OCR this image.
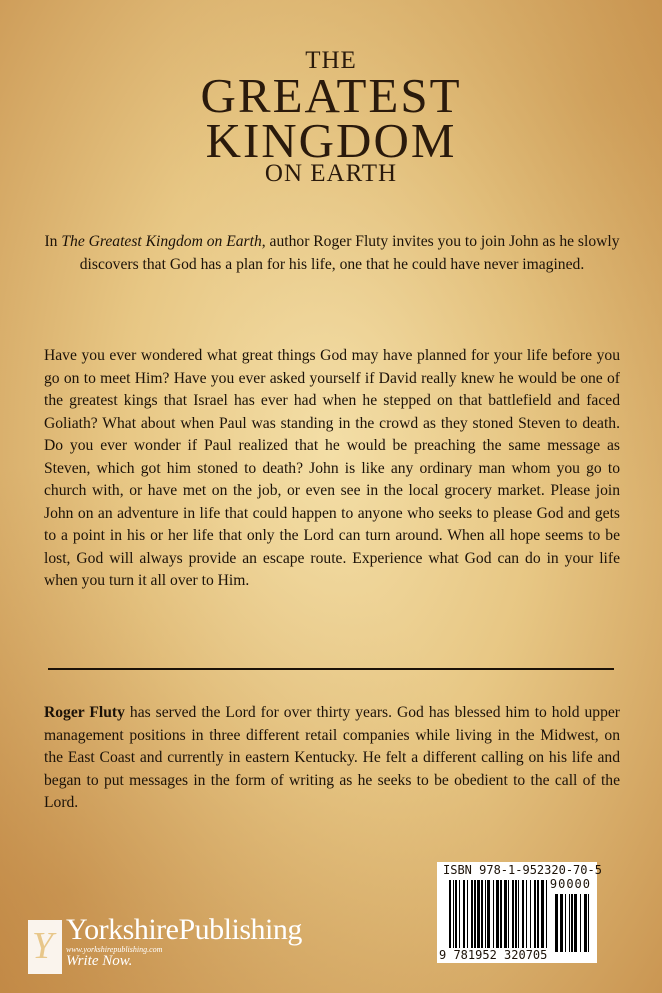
THE
GREATEST
KINGDOM
ON EARTH

In The Greatest Kingdom on Earth, author Roger Fluty invites you to join John as he slowly discovers that God has a plan for his life, one that he could have never imagined.

Have you ever wondered what great things God may have planned for your life before you go on to meet Him? Have you ever asked yourself if David really knew he would be one of the greatest kings that Israel has ever had when he stepped on that battlefield and faced Goliath? What about when Paul was standing in the crowd as they stoned Steven to death. Do you ever wonder if Paul realized that he would be preaching the same message as Steven, which got him stoned to death? John is like any ordinary man whom you go to church with, or have met on the job, or even see in the local grocery market. Please join John on an adventure in life that could happen to anyone who seeks to please God and gets to a point in his or her life that only the Lord can turn around. When all hope seems to be lost, God will always provide an escape route. Experience what God can do in your life when you turn it all over to Him.

Roger Fluty has served the Lord for over thirty years. God has blessed him to hold upper management positions in three different retail companies while living in the Midwest, on the East Coast and currently in eastern Kentucky. He felt a different calling on his life and began to put messages in the form of writing as he seeks to be obedient to the call of the Lord.

Y YorkshirePublishing
www.yorkshirepublishing.com
Write Now.
ISBN 978-1-952320-70-5
90000
9 781952 320705
